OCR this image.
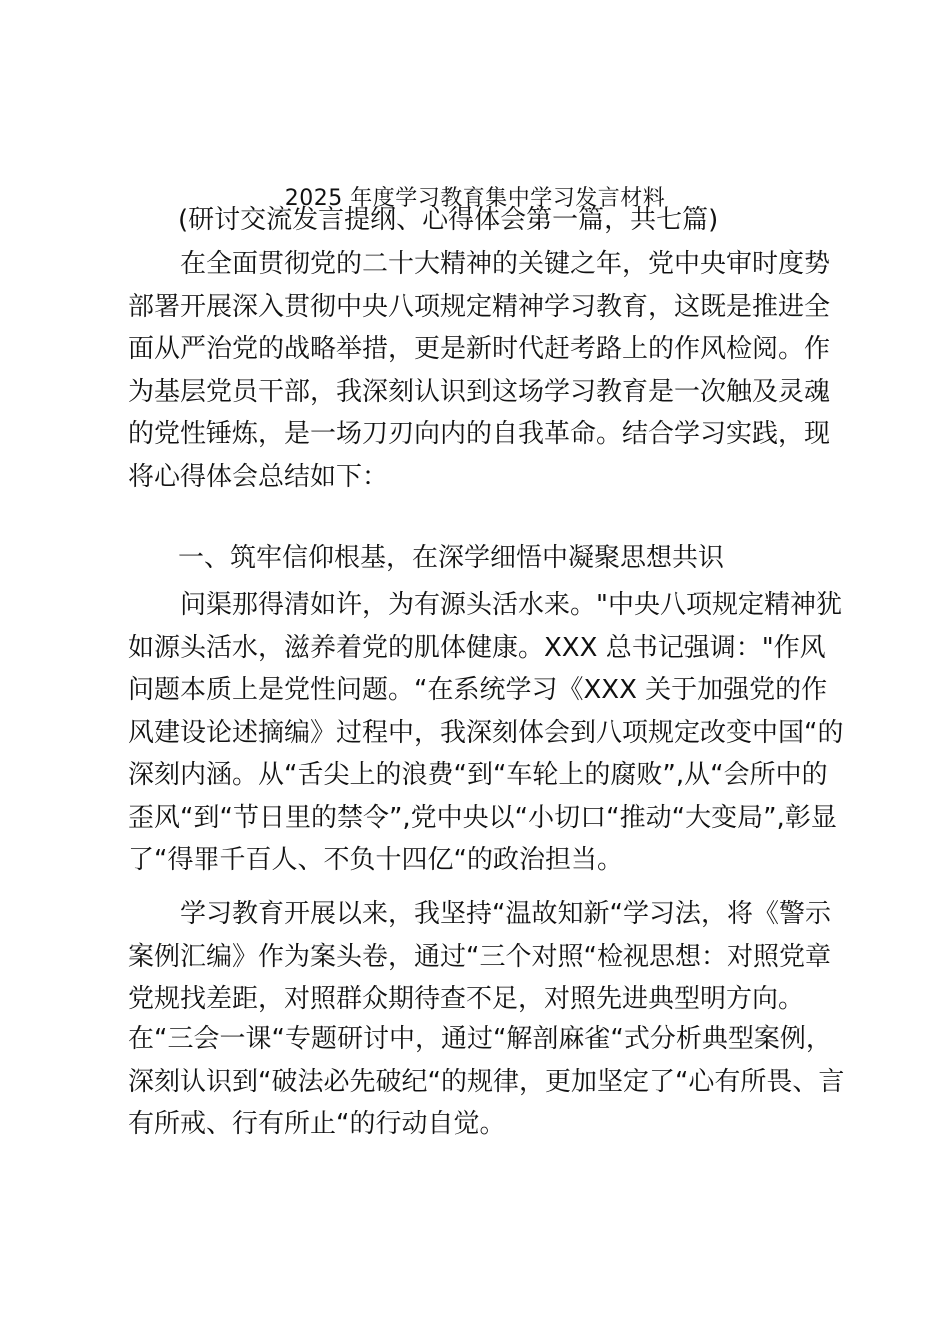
2025 年度学习教育集中学习发言材料
(研讨交流发言提纲、心得体会第一篇，共七篇)
在全面贯彻党的二十大精神的关键之年，党中央审时度势
部署开展深入贯彻中央八项规定精神学习教育，这既是推进全
面从严治党的战略举措，更是新时代赶考路上的作风检阅。作
为基层党员干部，我深刻认识到这场学习教育是一次触及灵魂
的党性锤炼，是一场刀刃向内的自我革命。结合学习实践，现
将心得体会总结如下：
一、筑牢信仰根基，在深学细悟中凝聚思想共识
问渠那得清如许，为有源头活水来。"中央八项规定精神犹
如源头活水，滋养着党的肌体健康。XXX 总书记强调："作风
问题本质上是党性问题。“在系统学习《XXX 关于加强党的作
风建设论述摘编》过程中，我深刻体会到八项规定改变中国“的
深刻内涵。从“舌尖上的浪费“到“车轮上的腐败”,从“会所中的
歪风“到“节日里的禁令”,党中央以“小切口“推动“大变局”,彰显
了“得罪千百人、不负十四亿“的政治担当。
学习教育开展以来，我坚持“温故知新“学习法，将《警示
案例汇编》作为案头卷，通过“三个对照“检视思想：对照党章
党规找差距，对照群众期待查不足，对照先进典型明方向。
在“三会一课“专题研讨中，通过“解剖麻雀“式分析典型案例，
深刻认识到“破法必先破纪“的规律，更加坚定了“心有所畏、言
有所戒、行有所止“的行动自觉。
